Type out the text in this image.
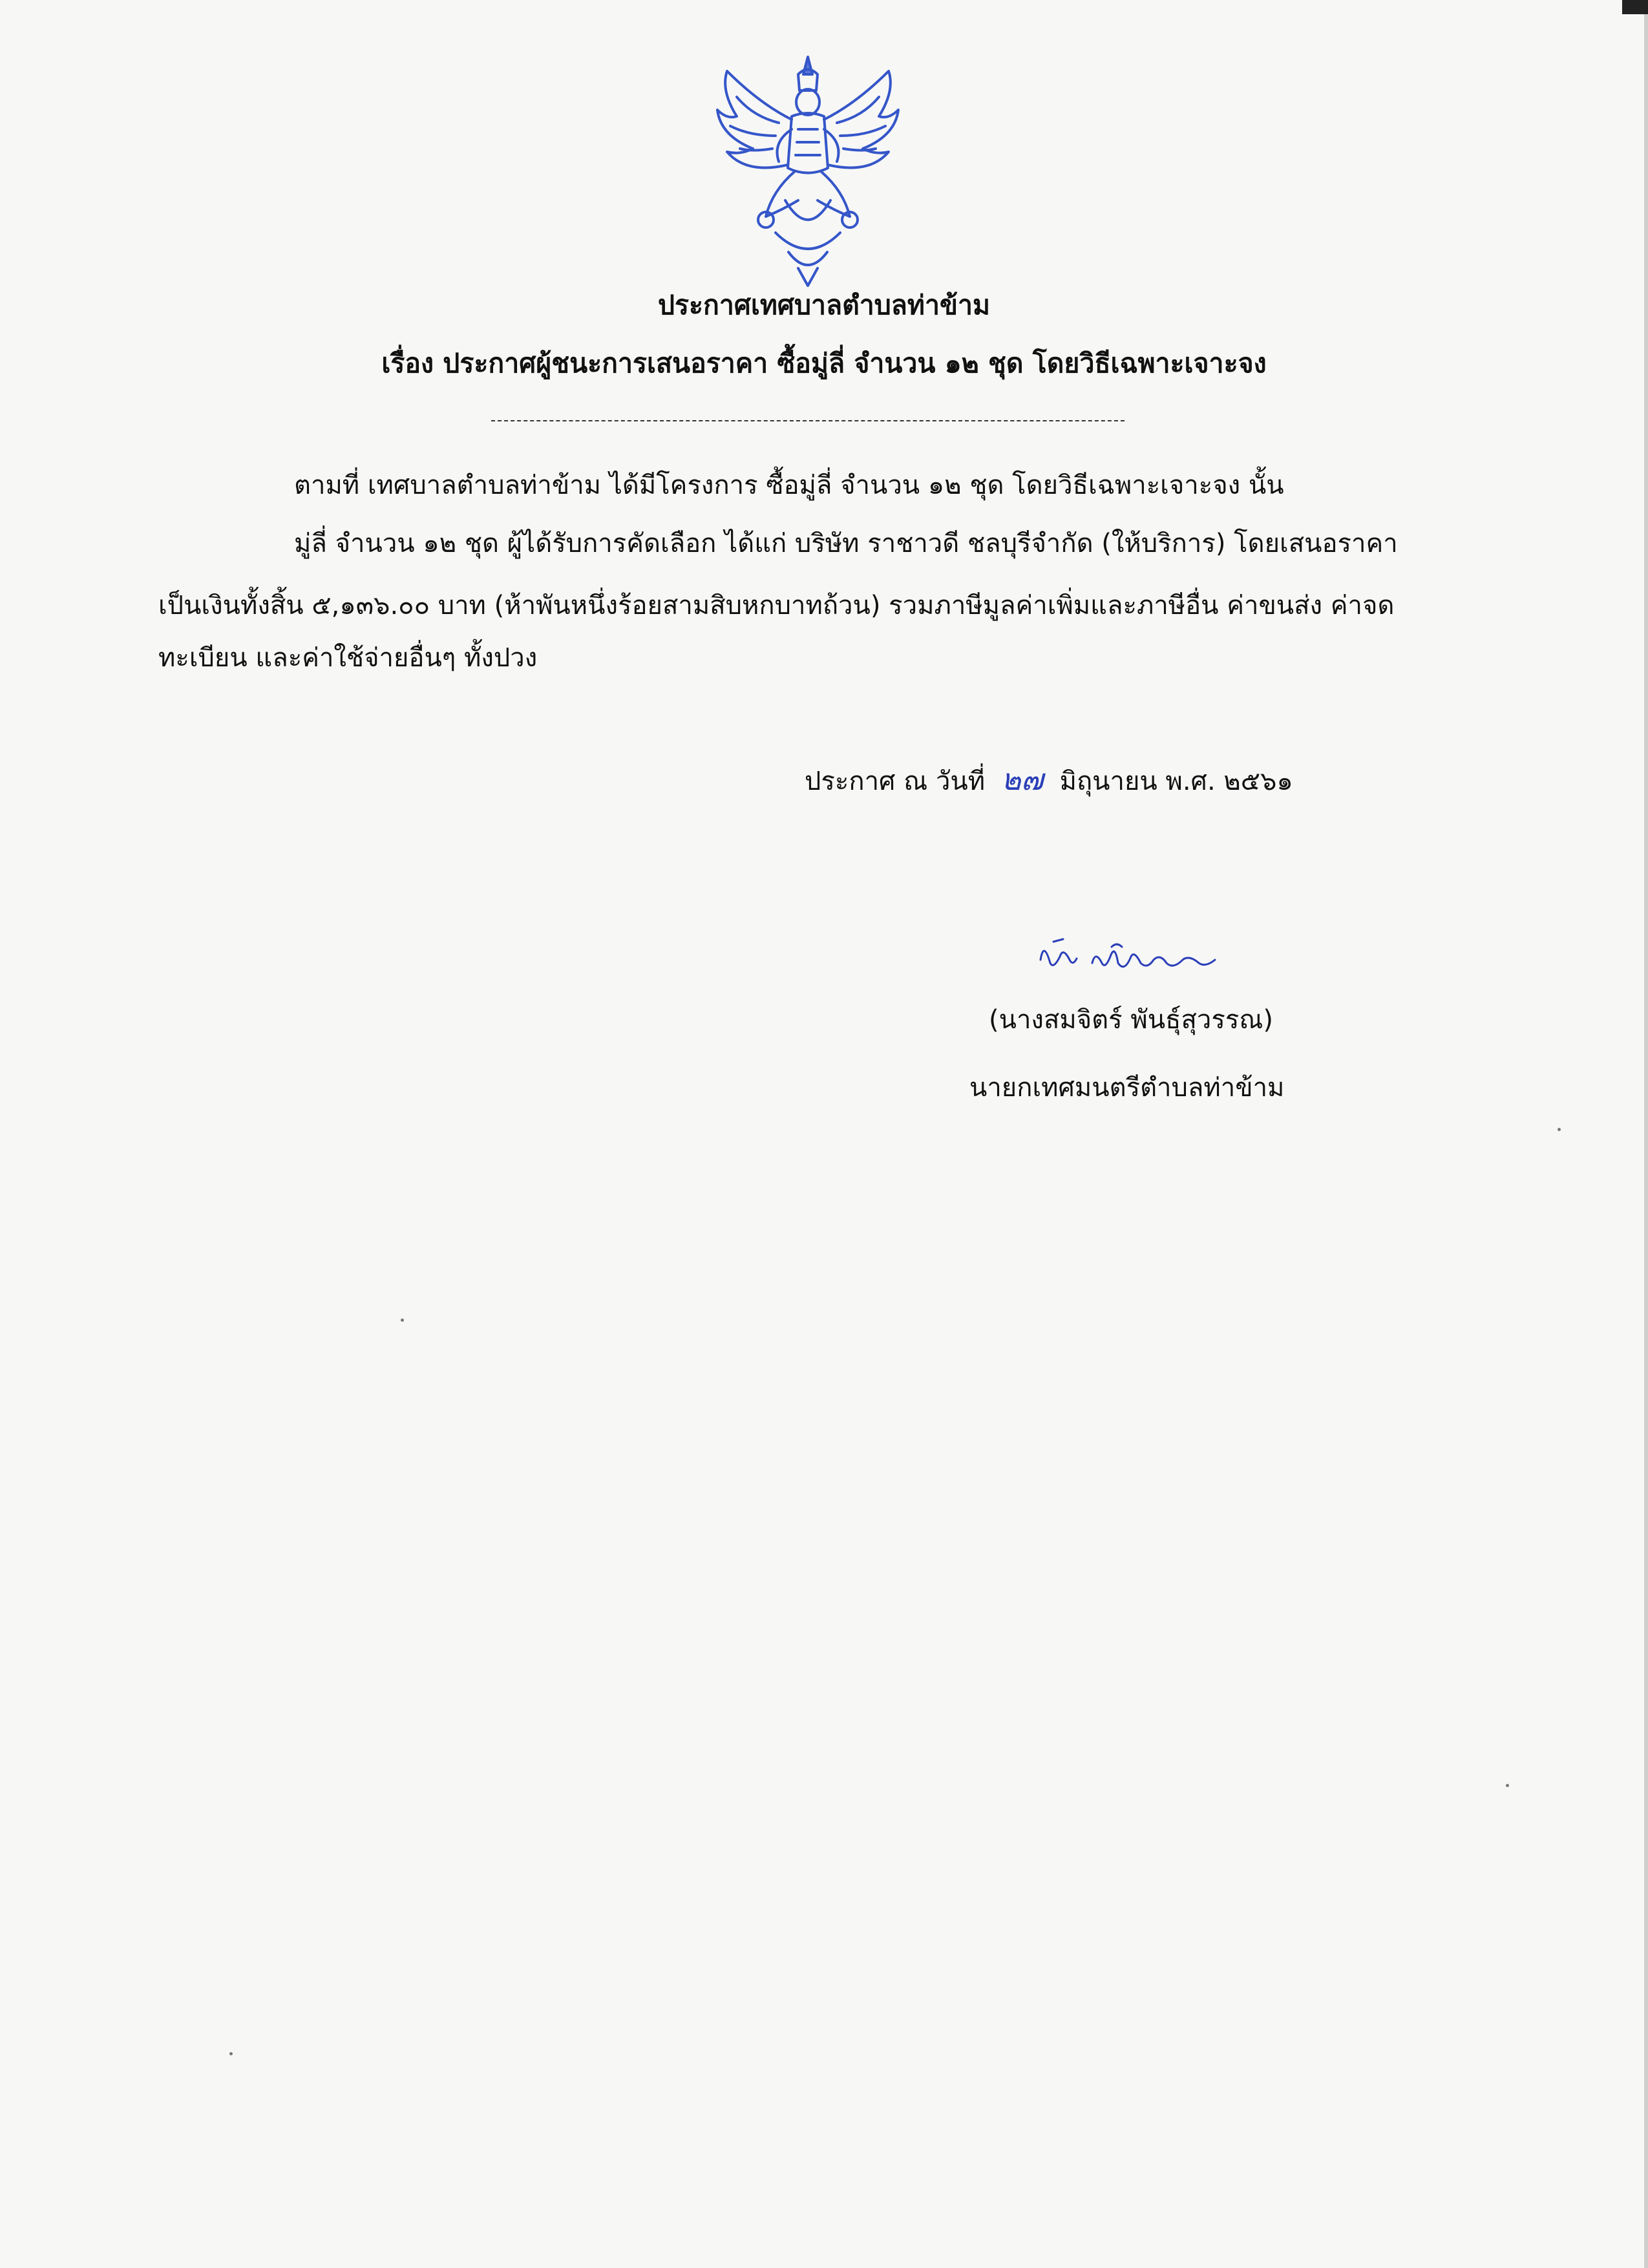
ประกาศเทศบาลตำบลท่าข้าม
เรื่อง ประกาศผู้ชนะการเสนอราคา ซื้อมู่ลี่ จำนวน ๑๒ ชุด โดยวิธีเฉพาะเจาะจง
ตามที่ เทศบาลตำบลท่าข้าม ได้มีโครงการ ซื้อมู่ลี่ จำนวน ๑๒ ชุด โดยวิธีเฉพาะเจาะจง นั้น
มู่ลี่ จำนวน ๑๒ ชุด ผู้ได้รับการคัดเลือก ได้แก่ บริษัท ราชาวดี ชลบุรีจำกัด (ให้บริการ) โดยเสนอราคา
เป็นเงินทั้งสิ้น ๕,๑๓๖.๐๐ บาท (ห้าพันหนึ่งร้อยสามสิบหกบาทถ้วน) รวมภาษีมูลค่าเพิ่มและภาษีอื่น ค่าขนส่ง ค่าจด
ทะเบียน และค่าใช้จ่ายอื่นๆ ทั้งปวง
ประกาศ ณ วันที่ ๒๗ มิถุนายน พ.ศ. ๒๕๖๑
(นางสมจิตร์ พันธุ์สุวรรณ)
นายกเทศมนตรีตำบลท่าข้าม
